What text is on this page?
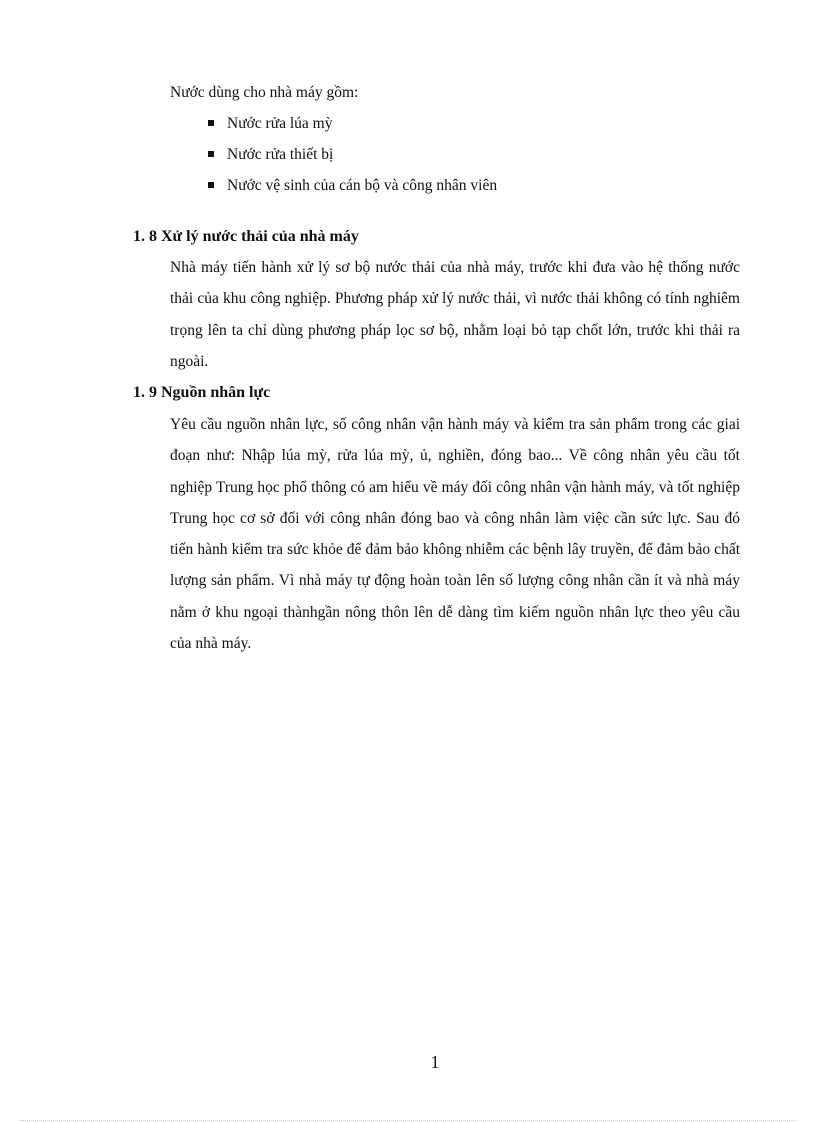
Nước dùng cho nhà máy gồm:
Nước rửa lúa mỳ
Nước rửa thiết bị
Nước vệ sinh của cán bộ và công nhân viên
1. 8 Xử lý nước thải của nhà máy

Nhà máy tiến hành xử lý sơ bộ nước thải của nhà máy, trước khi đưa vào hệ thống nước thải của khu công nghiệp. Phương pháp xử lý nước thải, vì nước thải không có tính nghiêm trọng lên ta chỉ dùng phương pháp lọc sơ bộ, nhằm loại bỏ tạp chốt lớn, trước khi thải ra ngoài.

1. 9 Nguồn nhân lực

Yêu cầu nguồn nhân lực, số công nhân vận hành máy và kiểm tra sản phẩm trong các giai đoạn như: Nhập lúa mỳ, rửa lúa mỳ, ủ, nghiền, đóng bao... Về công nhân yêu cầu tốt nghiệp Trung học phổ thông có am hiểu về máy đối công nhân vận hành máy, và tốt nghiệp Trung học cơ sở đối với công nhân đóng bao và công nhân làm việc cần sức lực. Sau đó tiến hành kiểm tra sức khỏe để đảm bảo không nhiễm các bệnh lây truyền, để đảm bảo chất lượng sản phẩm. Vì nhà máy tự động hoàn toàn lên số lượng công nhân cần ít và nhà máy nằm ở khu ngoại thànhgần nông thôn lên dễ dàng tìm kiếm nguồn nhân lực theo yêu cầu của nhà máy.

1
